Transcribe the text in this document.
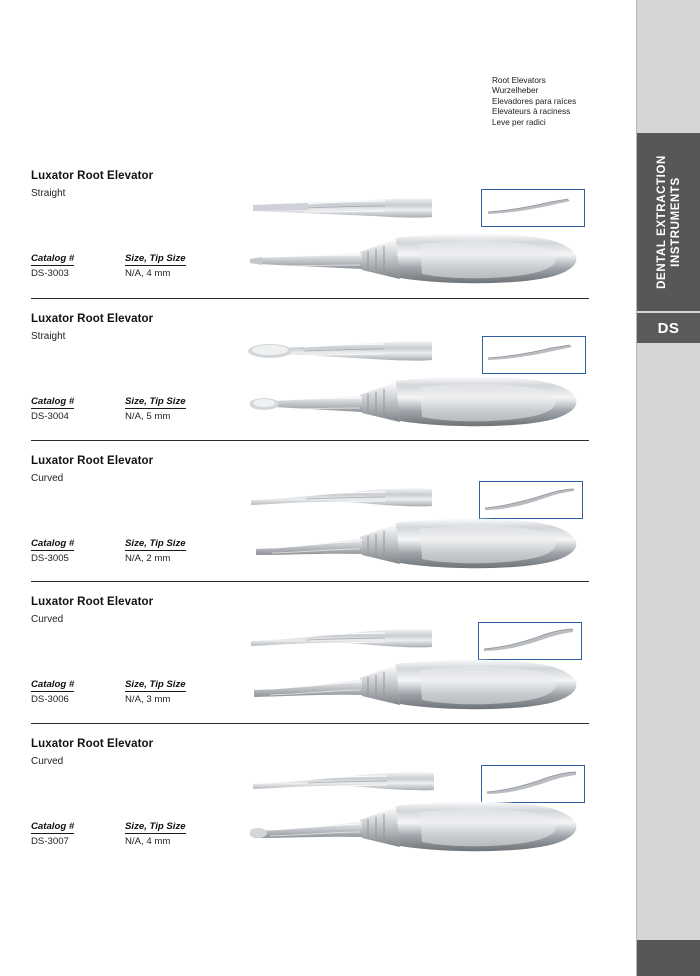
DENTAL EXTRACTION INSTRUMENTS
DS
Root Elevators
Wurzelheber
Elevadores para raíces
Elevateurs à raciness
Leve per radici
Luxator Root Elevator
Straight
Catalog #	Size, Tip Size
DS-3003	N/A, 4 mm
Luxator Root Elevator
Straight
Catalog #	Size, Tip Size
DS-3004	N/A, 5 mm
Luxator Root Elevator
Curved
Catalog #	Size, Tip Size
DS-3005	N/A, 2 mm
Luxator Root Elevator
Curved
Catalog #	Size, Tip Size
DS-3006	N/A, 3 mm
Luxator Root Elevator
Curved
Catalog #	Size, Tip Size
DS-3007	N/A, 4 mm
